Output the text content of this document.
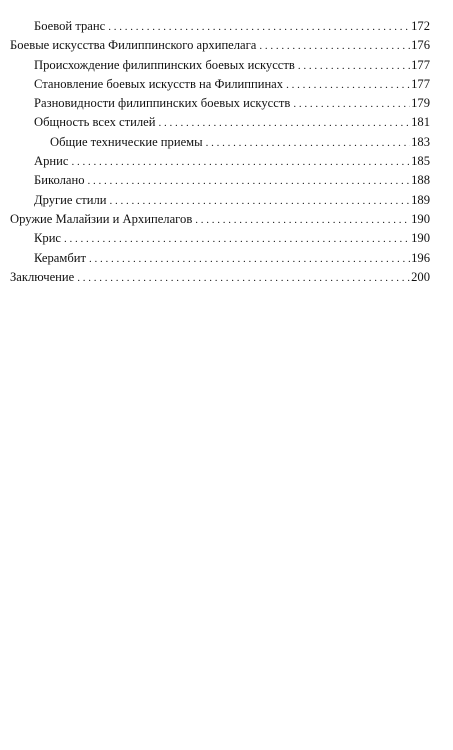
Боевой транс . . .	172
Боевые искусства Филиппинского архипелага . . .	176
Происхождение филиппинских боевых искусств . . .	177
Становление боевых искусств на Филиппинах . . .	177
Разновидности филиппинских боевых искусств . . .	179
Общность всех стилей . . .	181
Общие технические приемы . . .	183
Арнис . . .	185
Биколано . . .	188
Другие стили . . .	189
Оружие Малайзии и Архипелагов . . .	190
Крис . . .	190
Керамбит . . .	196
Заключение . . .	200
